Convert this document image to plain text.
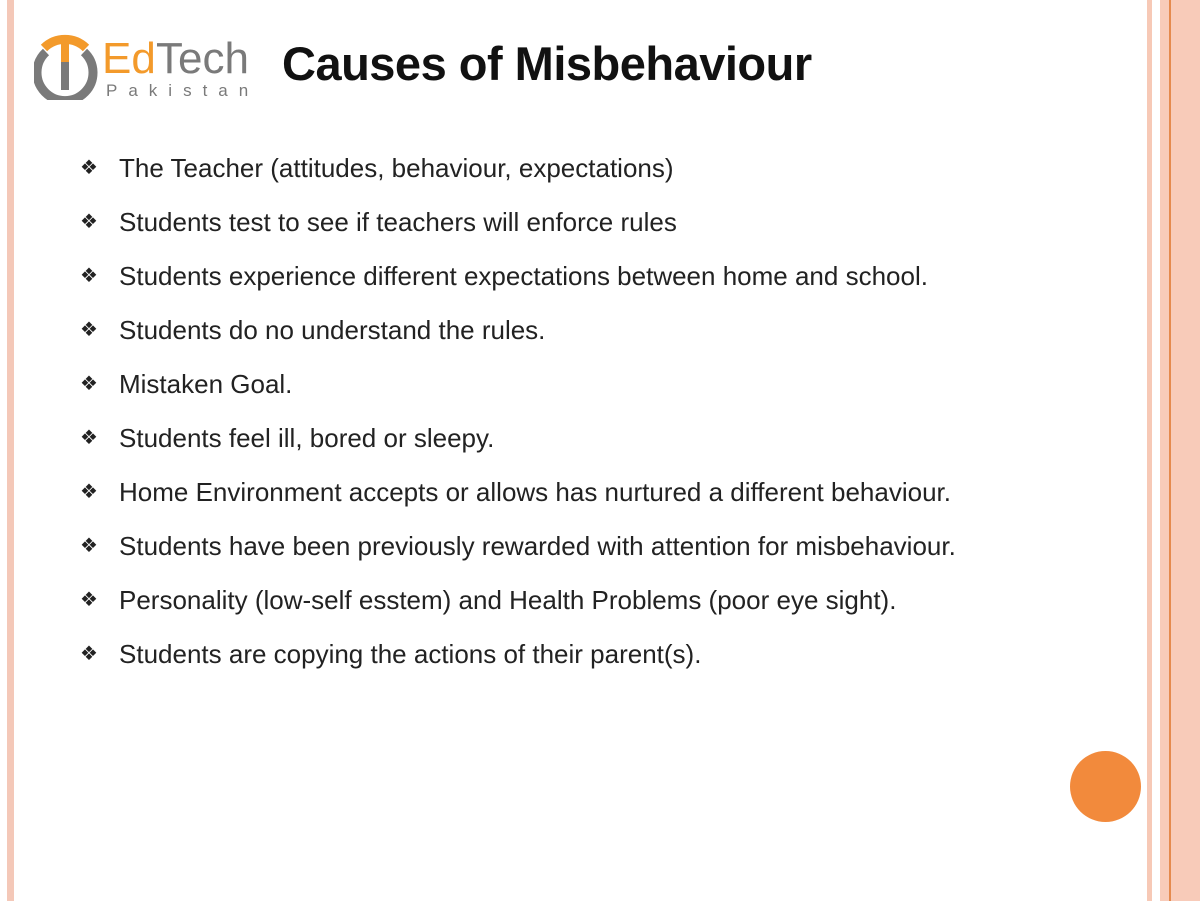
Ed Tech
Pakistan
Causes of Misbehaviour
❖ The Teacher (attitudes, behaviour, expectations)
❖ Students test to see if teachers will enforce rules
❖ Students experience different expectations between home and school.
❖ Students do no understand the rules.
❖ Mistaken Goal.
❖ Students feel ill, bored or sleepy.
❖ Home Environment accepts or allows has nurtured a different behaviour.
❖ Students have been previously rewarded with attention for misbehaviour.
❖ Personality (low-self esstem) and Health Problems (poor eye sight).
❖ Students are copying the actions of their parent(s).
